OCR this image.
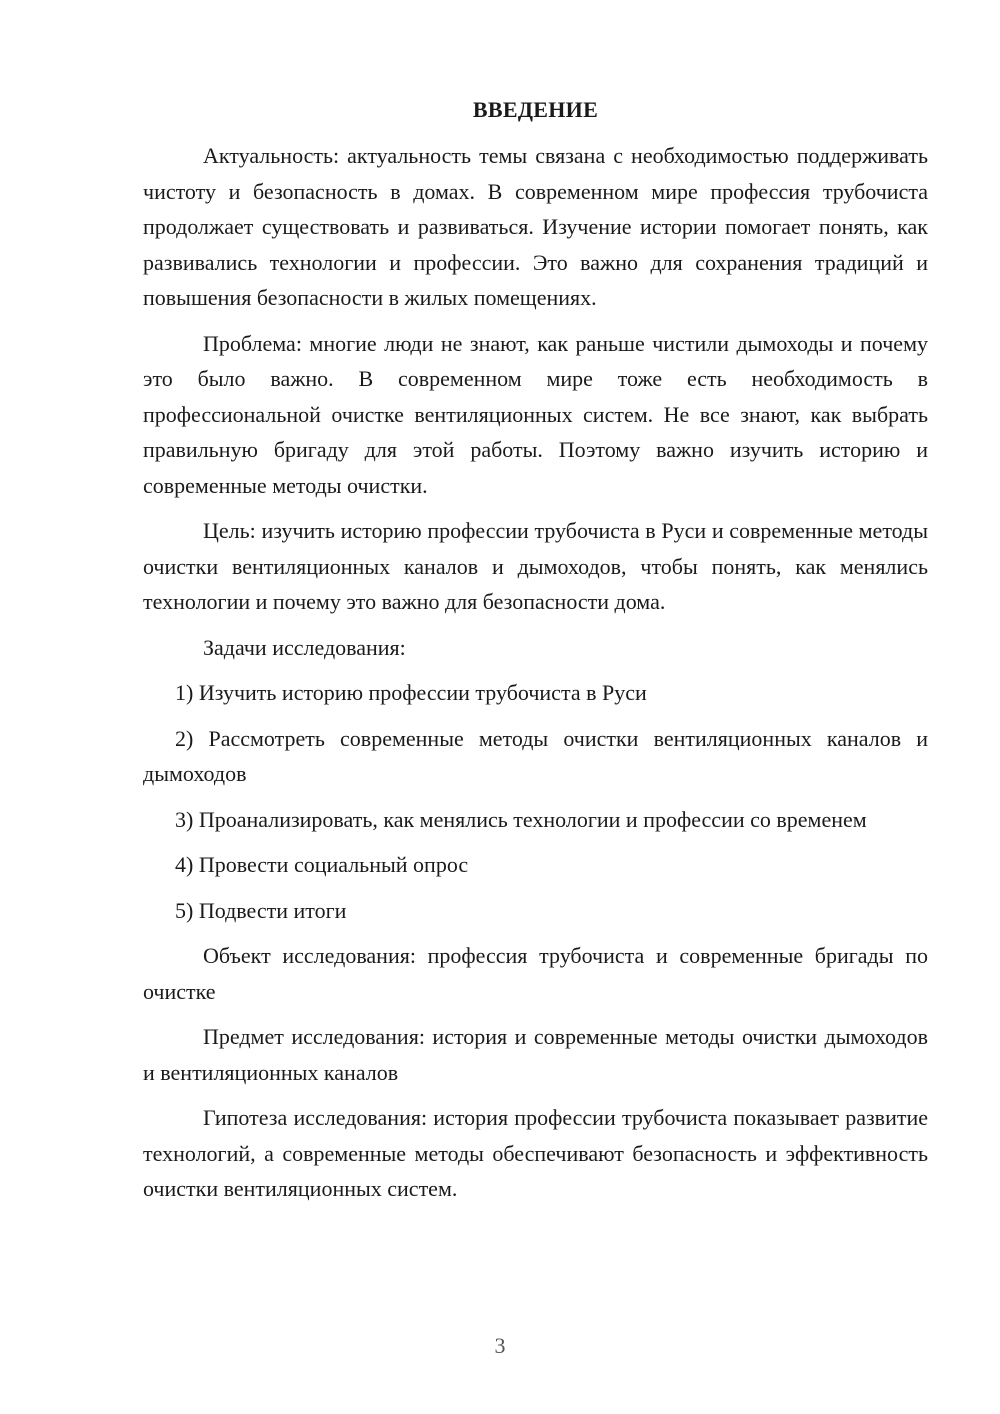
ВВЕДЕНИЕ

Актуальность: актуальность темы связана с необходимостью поддерживать чистоту и безопасность в домах. В современном мире профессия трубочиста продолжает существовать и развиваться. Изучение истории помогает понять, как развивались технологии и профессии. Это важно для сохранения традиций и повышения безопасности в жилых помещениях.

Проблема: многие люди не знают, как раньше чистили дымоходы и почему это было важно. В современном мире тоже есть необходимость в профессиональной очистке вентиляционных систем. Не все знают, как выбрать правильную бригаду для этой работы. Поэтому важно изучить историю и современные методы очистки.

Цель: изучить историю профессии трубочиста в Руси и современные методы очистки вентиляционных каналов и дымоходов, чтобы понять, как менялись технологии и почему это важно для безопасности дома.

Задачи исследования:

1) Изучить историю профессии трубочиста в Руси

2) Рассмотреть современные методы очистки вентиляционных каналов и дымоходов

3) Проанализировать, как менялись технологии и профессии со временем

4) Провести социальный опрос

5) Подвести итоги

Объект исследования: профессия трубочиста и современные бригады по очистке

Предмет исследования: история и современные методы очистки дымоходов и вентиляционных каналов

Гипотеза исследования: история профессии трубочиста показывает развитие технологий, а современные методы обеспечивают безопасность и эффективность очистки вентиляционных систем.

3
